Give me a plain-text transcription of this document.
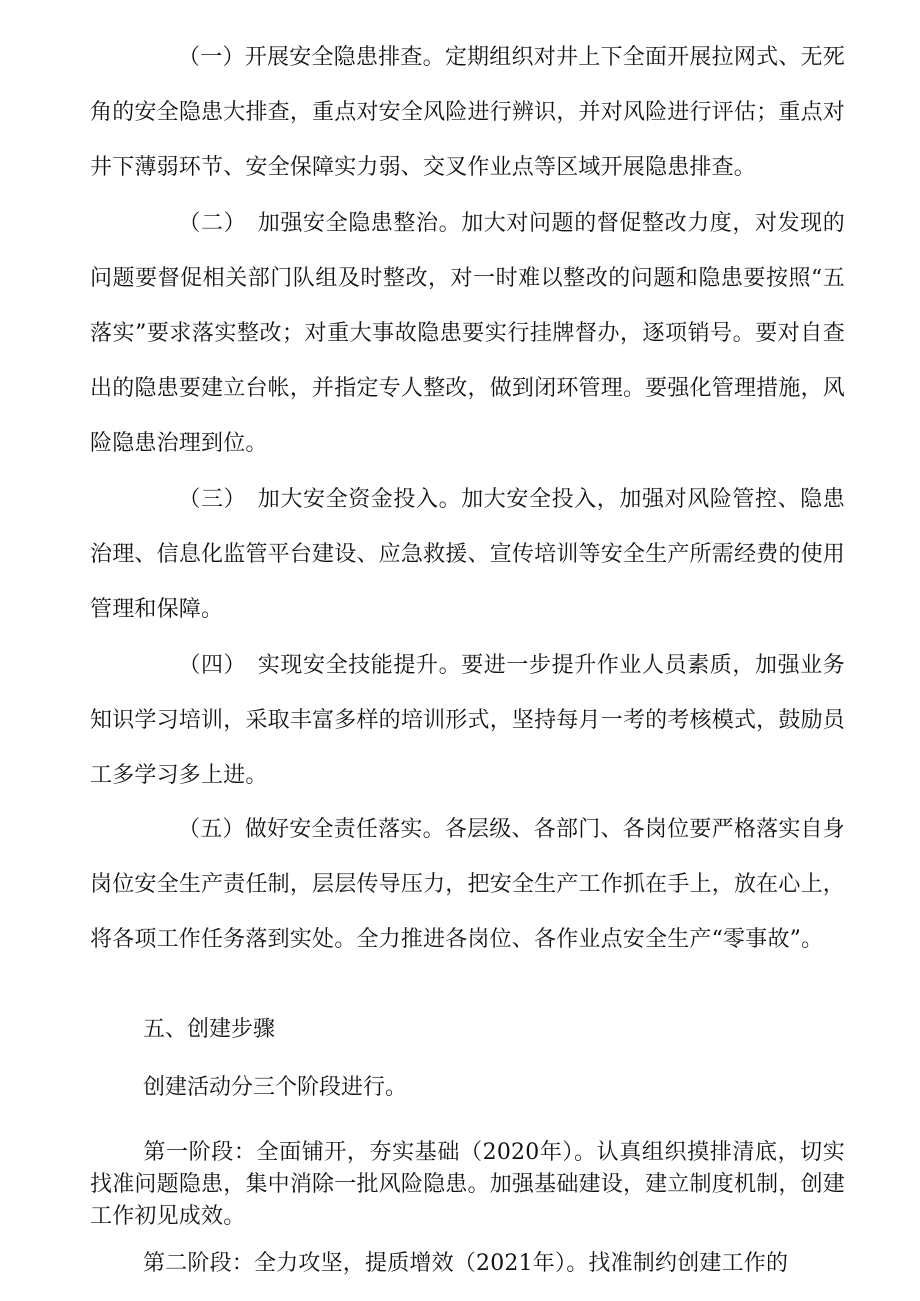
（一）开展安全隐患排查。定期组织对井上下全面开展拉网式、无死角的安全隐患大排查，重点对安全风险进行辨识，并对风险进行评估；重点对井下薄弱环节、安全保障实力弱、交叉作业点等区域开展隐患排查。

（二）　加强安全隐患整治。加大对问题的督促整改力度，对发现的问题要督促相关部门队组及时整改，对一时难以整改的问题和隐患要按照“五落实”要求落实整改；对重大事故隐患要实行挂牌督办，逐项销号。要对自查出的隐患要建立台帐，并指定专人整改，做到闭环管理。要强化管理措施，风险隐患治理到位。

（三）　加大安全资金投入。加大安全投入，加强对风险管控、隐患治理、信息化监管平台建设、应急救援、宣传培训等安全生产所需经费的使用管理和保障。

（四）　实现安全技能提升。要进一步提升作业人员素质，加强业务知识学习培训，采取丰富多样的培训形式，坚持每月一考的考核模式，鼓励员工多学习多上进。

（五）做好安全责任落实。各层级、各部门、各岗位要严格落实自身岗位安全生产责任制，层层传导压力，把安全生产工作抓在手上，放在心上，将各项工作任务落到实处。全力推进各岗位、各作业点安全生产“零事故”。

五、创建步骤

创建活动分三个阶段进行。

第一阶段：全面铺开，夯实基础（2020年）。认真组织摸排清底，切实找准问题隐患，集中消除一批风险隐患。加强基础建设，建立制度机制，创建工作初见成效。

第二阶段：全力攻坚，提质增效（2021年）。找准制约创建工作的
